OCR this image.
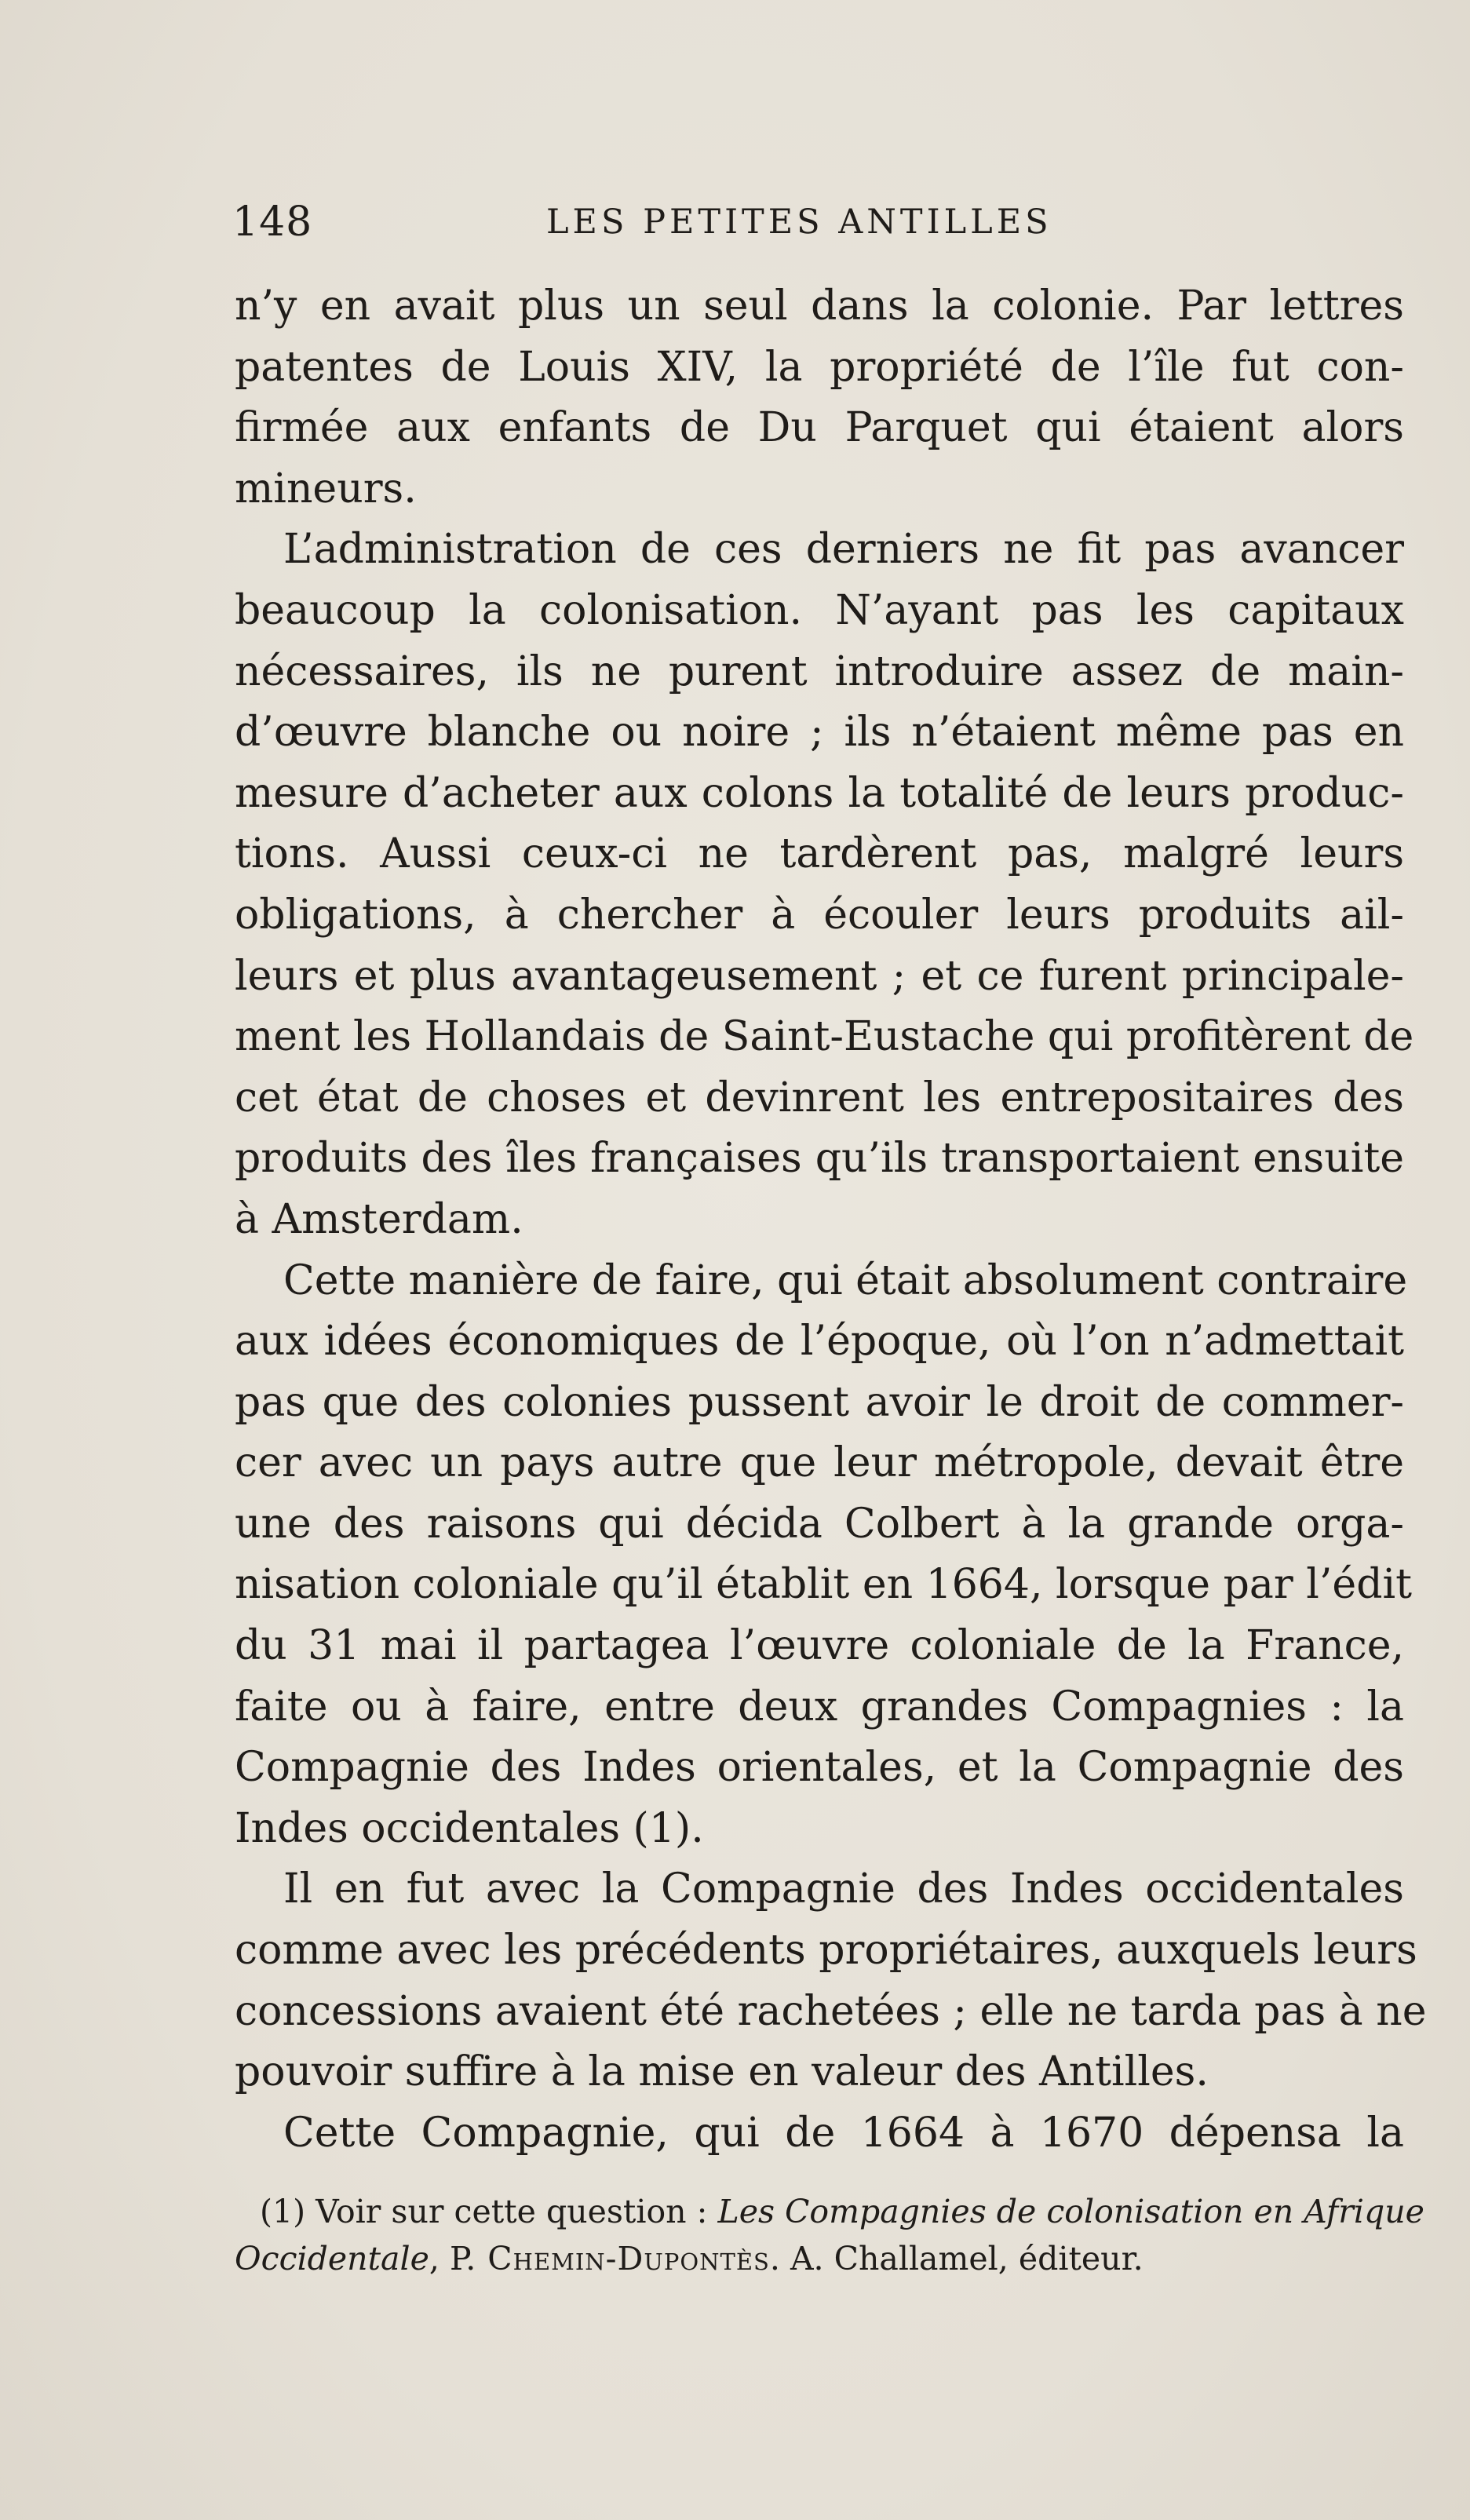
148	LES PETITES ANTILLES
n’y en avait plus un seul dans la colonie. Par lettres
patentes de Louis XIV, la propriété de l’île fut con-
firmée aux enfants de Du Parquet qui étaient alors
mineurs.
L’administration de ces derniers ne fit pas avancer
beaucoup la colonisation. N’ayant pas les capitaux
nécessaires, ils ne purent introduire assez de main-
d’œuvre blanche ou noire ; ils n’étaient même pas en
mesure d’acheter aux colons la totalité de leurs produc-
tions. Aussi ceux-ci ne tardèrent pas, malgré leurs
obligations, à chercher à écouler leurs produits ail-
leurs et plus avantageusement ; et ce furent principale-
ment les Hollandais de Saint-Eustache qui profitèrent de
cet état de choses et devinrent les entrepositaires des
produits des îles françaises qu’ils transportaient ensuite
à Amsterdam.
Cette manière de faire, qui était absolument contraire
aux idées économiques de l’époque, où l’on n’admettait
pas que des colonies pussent avoir le droit de commer-
cer avec un pays autre que leur métropole, devait être
une des raisons qui décida Colbert à la grande orga-
nisation coloniale qu’il établit en 1664, lorsque par l’édit
du 31 mai il partagea l’œuvre coloniale de la France,
faite ou à faire, entre deux grandes Compagnies : la
Compagnie des Indes orientales, et la Compagnie des
Indes occidentales (1).
Il en fut avec la Compagnie des Indes occidentales
comme avec les précédents propriétaires, auxquels leurs
concessions avaient été rachetées ; elle ne tarda pas à ne
pouvoir suffire à la mise en valeur des Antilles.
Cette Compagnie, qui de 1664 à 1670 dépensa la
(1) Voir sur cette question : Les Compagnies de colonisation en Afrique
Occidentale, P. Chemin-Dupontès. A. Challamel, éditeur.
